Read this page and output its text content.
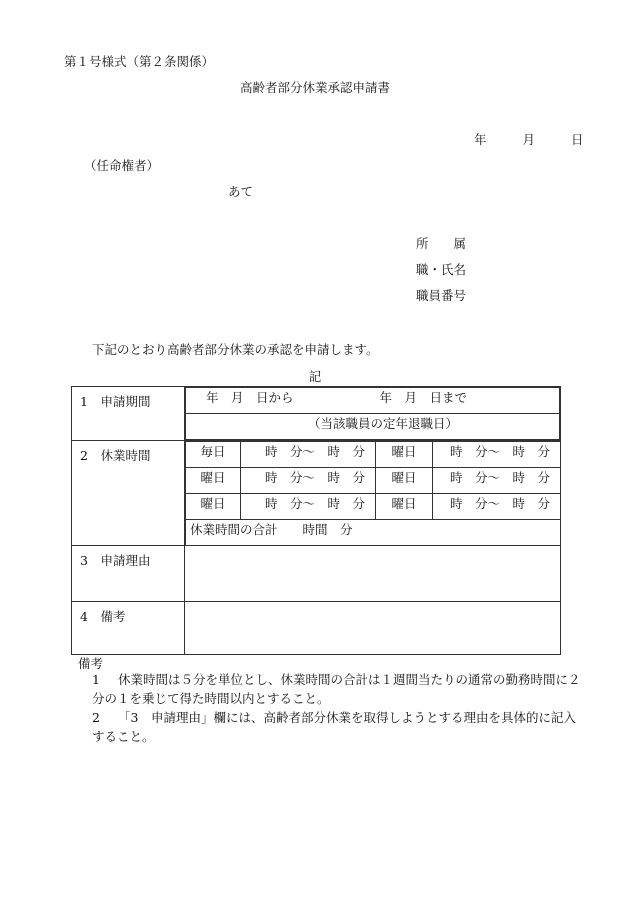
第１号様式（第２条関係）
高齢者部分休業承認申請書
年	月	日
（任命権者）
あて
所　　属
職・氏名
職員番号
下記のとおり高齢者部分休業の承認を申請します。
記
1　申請期間		年　月　日から	年　月　日まで
（当該職員の定年退職日）

2　休業時間		毎日	時　分～　時　分	曜日	時　分～　時　分
曜日	時　分～　時　分	曜日	時　分～　時　分
曜日	時　分～　時　分	曜日	時　分～　時　分
休業時間の合計　　時間　分

3　申請理由	
4　備考	
備考
1 休業時間は５分を単位とし、休業時間の合計は１週間当たりの通常の勤務時間に２分の１を乗じて得た時間以内とすること。
2 「3　申請理由」欄には、高齢者部分休業を取得しようとする理由を具体的に記入すること。
